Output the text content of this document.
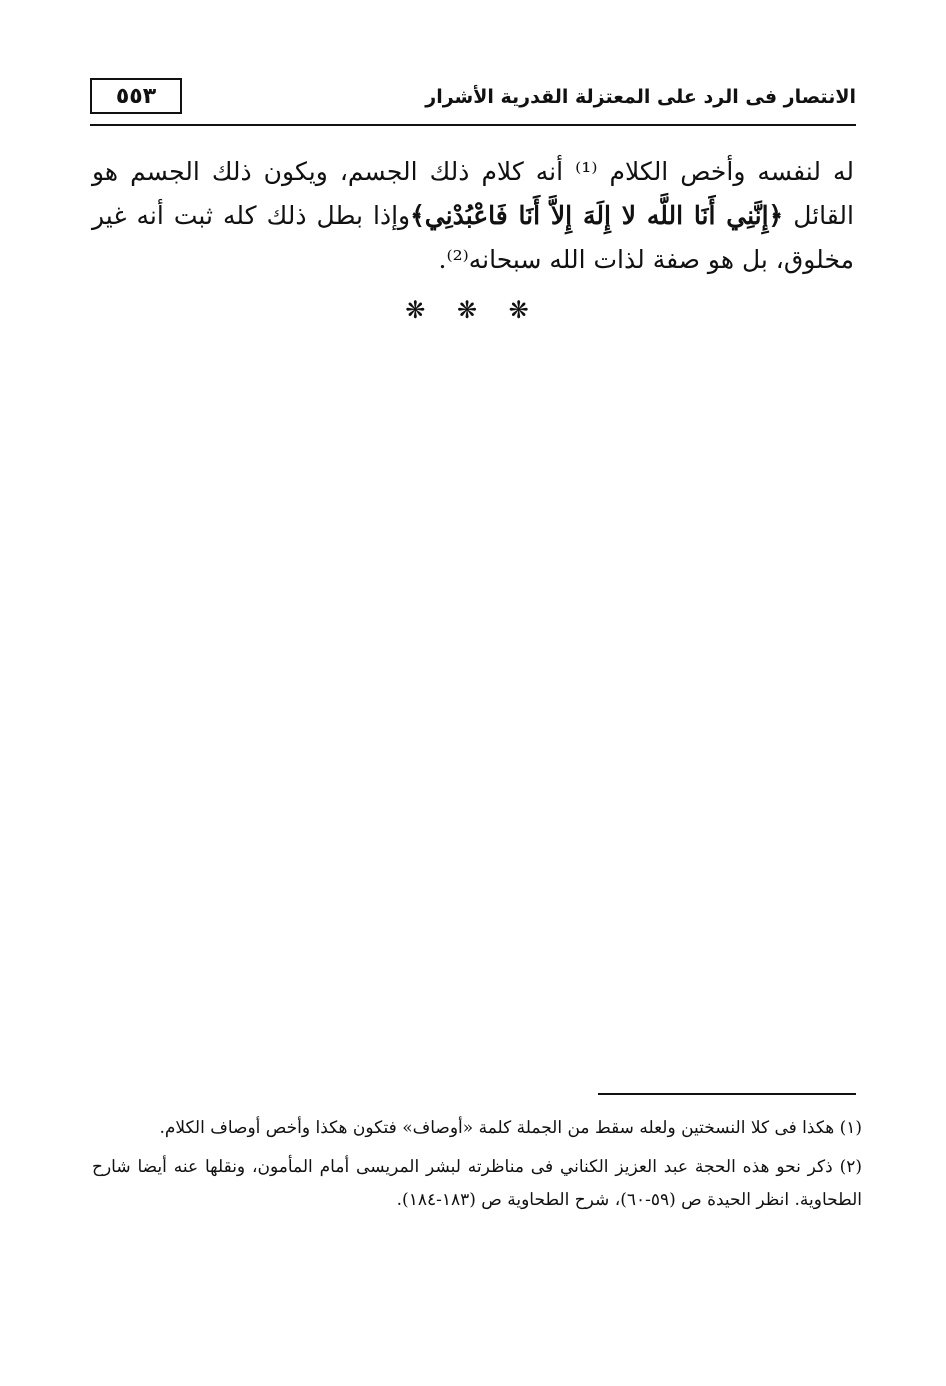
٥٥٣	الانتصار فى الرد على المعتزلة القدرية الأشرار
له لنفسه وأخص الكلام ⁽¹⁾ أنه كلام ذلك الجسم، ويكون ذلك الجسم هو القائل ﴿إِنَّنِي أَنَا اللَّه لا إِلَهَ إِلاَّ أَنَا فَاعْبُدْنِي﴾وإذا بطل ذلك كله ثبت أنه غير مخلوق، بل هو صفة لذات الله سبحانه⁽²⁾.
❋ ❋ ❋

(١) هكذا فى كلا النسختين ولعله سقط من الجملة كلمة «أوصاف» فتكون هكذا وأخص أوصاف الكلام.

(٢) ذكر نحو هذه الحجة عبد العزيز الكناني فى مناظرته لبشر المريسى أمام المأمون، ونقلها عنه أيضا شارح الطحاوية. انظر الحيدة ص (٥٩-٦٠)، شرح الطحاوية ص (١٨٣-١٨٤).
